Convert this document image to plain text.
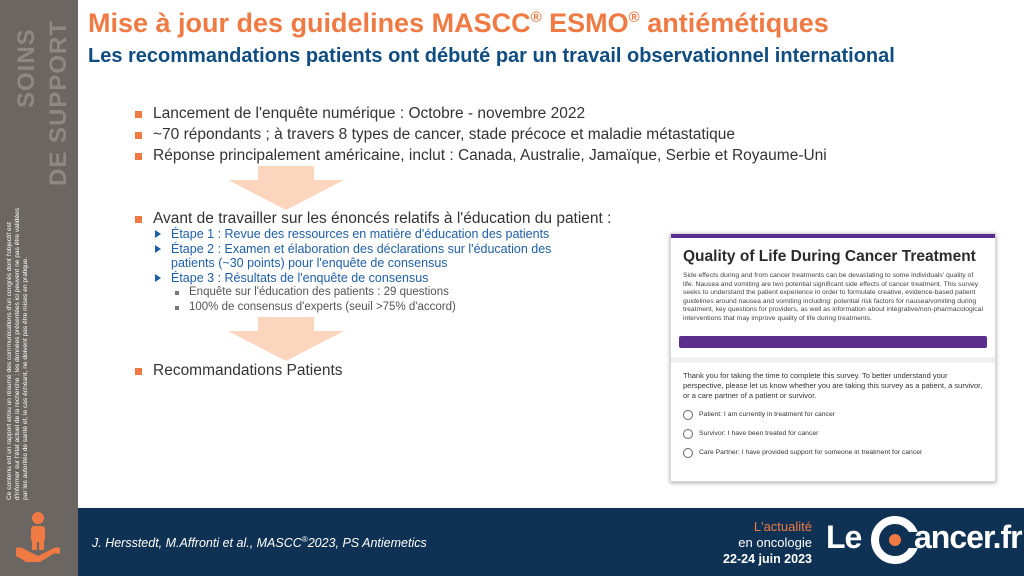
SOINS DE SUPPORT
Ce contenu est un rapport et/ou un résumé des communications d'un congrès dont l'objectif est d'informer sur l'état actuel de la recherche ; les données présentées ici peuvent ne pas être validées par les autorités de santé et, le cas échéant, ne doivent pas être mises en pratique.
Mise à jour des guidelines MASCC® ESMO® antiémétiques
Les recommandations patients ont débuté par un travail observationnel international
Lancement de l'enquête numérique : Octobre - novembre 2022
~70 répondants ; à travers 8 types de cancer, stade précoce et maladie métastatique
Réponse principalement américaine, inclut : Canada, Australie, Jamaïque, Serbie et Royaume-Uni
Avant de travailler sur les énoncés relatifs à l'éducation du patient :
Étape 1 : Revue des ressources en matière d'éducation des patients
Étape 2 : Examen et élaboration des déclarations sur l'éducation des patients (~30 points) pour l'enquête de consensus
Étape 3 : Résultats de l'enquête de consensus
Enquête sur l'éducation des patients : 29 questions
100% de consensus d'experts (seuil >75% d'accord)
Recommandations Patients
Quality of Life During Cancer Treatment
Side effects during and from cancer treatments can be devastating to some individuals' quality of life. Nausea and vomiting are two potential significant side effects of cancer treatment. This survey seeks to understand the patient experience in order to formulate creative, evidence-based patient guidelines around nausea and vomiting including: potential risk factors for nausea/vomiting during treatment, key questions for providers, as well as information about integrative/non-pharmacological interventions that may improve quality of life during treatments.
Thank you for taking the time to complete this survey. To better understand your perspective, please let us know whether you are taking this survey as a patient, a survivor, or a care partner of a patient or survivor.
Patient: I am currently in treatment for cancer
Survivor: I have been treated for cancer
Care Partner: I have provided support for someone in treatment for cancer
J. Hersstedt, M.Affronti et al., MASCC®2023, PS Antiemetics
L'actualité
en oncologie
22-24 juin 2023
Le ancer.fr
